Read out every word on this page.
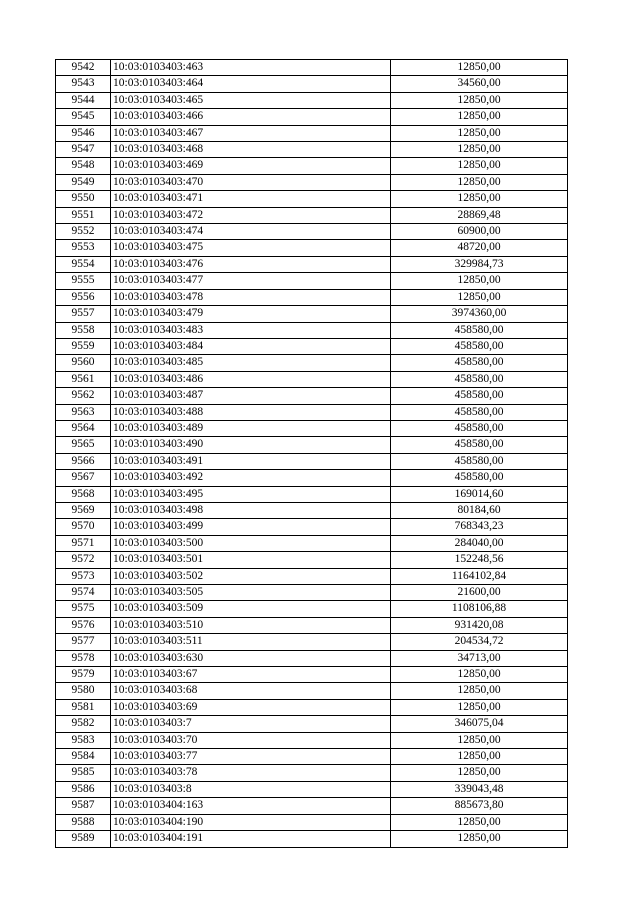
9542	10:03:0103403:463	12850,00
9543	10:03:0103403:464	34560,00
9544	10:03:0103403:465	12850,00
9545	10:03:0103403:466	12850,00
9546	10:03:0103403:467	12850,00
9547	10:03:0103403:468	12850,00
9548	10:03:0103403:469	12850,00
9549	10:03:0103403:470	12850,00
9550	10:03:0103403:471	12850,00
9551	10:03:0103403:472	28869,48
9552	10:03:0103403:474	60900,00
9553	10:03:0103403:475	48720,00
9554	10:03:0103403:476	329984,73
9555	10:03:0103403:477	12850,00
9556	10:03:0103403:478	12850,00
9557	10:03:0103403:479	3974360,00
9558	10:03:0103403:483	458580,00
9559	10:03:0103403:484	458580,00
9560	10:03:0103403:485	458580,00
9561	10:03:0103403:486	458580,00
9562	10:03:0103403:487	458580,00
9563	10:03:0103403:488	458580,00
9564	10:03:0103403:489	458580,00
9565	10:03:0103403:490	458580,00
9566	10:03:0103403:491	458580,00
9567	10:03:0103403:492	458580,00
9568	10:03:0103403:495	169014,60
9569	10:03:0103403:498	80184,60
9570	10:03:0103403:499	768343,23
9571	10:03:0103403:500	284040,00
9572	10:03:0103403:501	152248,56
9573	10:03:0103403:502	1164102,84
9574	10:03:0103403:505	21600,00
9575	10:03:0103403:509	1108106,88
9576	10:03:0103403:510	931420,08
9577	10:03:0103403:511	204534,72
9578	10:03:0103403:630	34713,00
9579	10:03:0103403:67	12850,00
9580	10:03:0103403:68	12850,00
9581	10:03:0103403:69	12850,00
9582	10:03:0103403:7	346075,04
9583	10:03:0103403:70	12850,00
9584	10:03:0103403:77	12850,00
9585	10:03:0103403:78	12850,00
9586	10:03:0103403:8	339043,48
9587	10:03:0103404:163	885673,80
9588	10:03:0103404:190	12850,00
9589	10:03:0103404:191	12850,00
